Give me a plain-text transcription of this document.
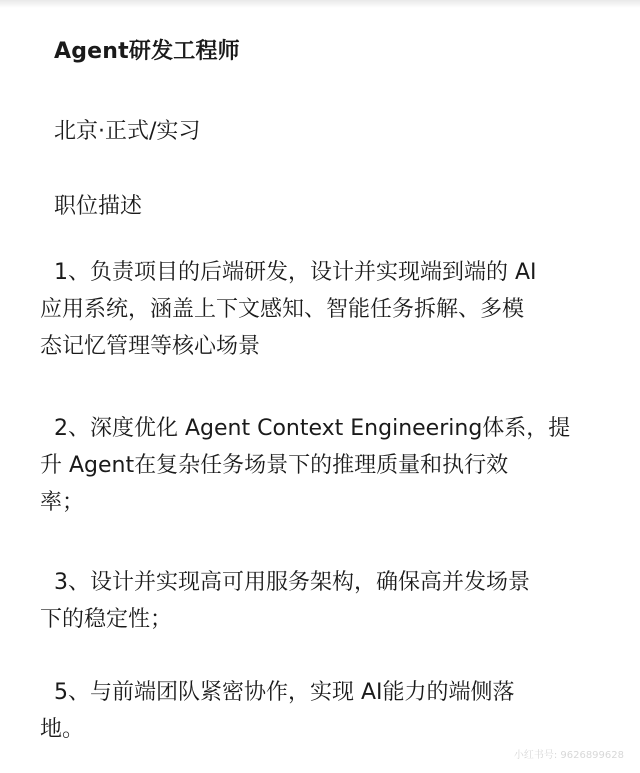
Agent研发工程师
北京·正式/实习
职位描述
1、负责项目的后端研发，设计并实现端到端的 AI
应用系统，涵盖上下文感知、智能任务拆解、多模
态记忆管理等核心场景
2、深度优化 Agent Context Engineering体系，提
升 Agent在复杂任务场景下的推理质量和执行效
率；
3、设计并实现高可用服务架构，确保高并发场景
下的稳定性；
5、与前端团队紧密协作，实现 AI能力的端侧落
地。
小红书号: 9626899628
